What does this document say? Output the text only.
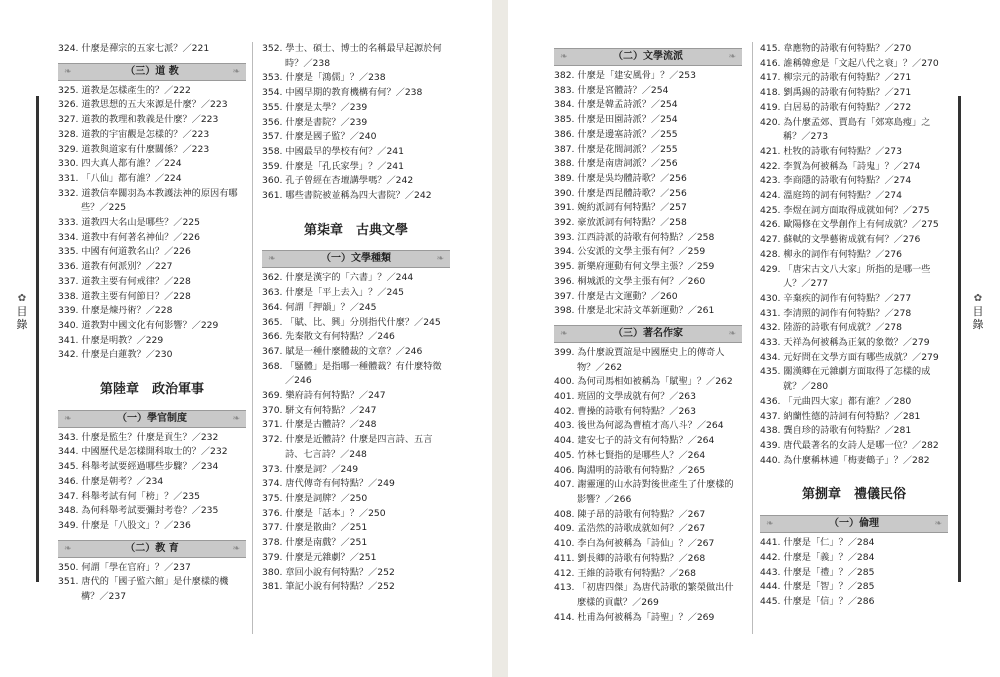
✿
目錄
324. 什麼是禪宗的五家七派？／221
❧	（三）道 教	❧
325. 道教是怎樣產生的？／222
326. 道教思想的五大來源是什麼？／223
327. 道教的教理和教義是什麼？／223
328. 道教的宇宙觀是怎樣的？／223
329. 道教與道家有什麼關係？／223
330. 四大真人都有誰？／224
331. 「八仙」都有誰？／224
332. 道教信奉關羽為本教護法神的原因有哪些？／225
333. 道教四大名山是哪些？／225
334. 道教中有何著名神仙？／226
335. 中國有何道教名山？／226
336. 道教有何派別？／227
337. 道教主要有何戒律？／228
338. 道教主要有何節日？／228
339. 什麼是煉丹術？／228
340. 道教對中國文化有何影響？／229
341. 什麼是明教？／229
342. 什麼是白蓮教？／230
第陸章　政治軍事
❧	（一）學官制度	❧
343. 什麼是監生？什麼是貢生？／232
344. 中國歷代是怎樣開科取士的？／232
345. 科舉考試要經過哪些步驟？／234
346. 什麼是朝考？／234
347. 科舉考試有何「榜」？／235
348. 為何科舉考試要彌封考卷？／235
349. 什麼是「八股文」？／236
❧	（二）教 育	❧
350. 何謂「學在官府」？／237
351. 唐代的「國子監六館」是什麼樣的機構？／237
352. 學士、碩士、博士的名稱最早起源於何時？／238
353. 什麼是「鴻儒」？／238
354. 中國早期的教育機構有何？／238
355. 什麼是太學？／239
356. 什麼是書院？／239
357. 什麼是國子監？／240
358. 中國最早的學校有何？／241
359. 什麼是「孔氏家學」？／241
360. 孔子曾經在杏壇講學嗎？／242
361. 哪些書院被並稱為四大書院？／242
第柒章　古典文學
❧	（一）文學種類	❧
362. 什麼是漢字的「六書」？／244
363. 什麼是「平上去入」？／245
364. 何謂「押韻」？／245
365. 「賦、比、興」分別指代什麼？／245
366. 先秦散文有何特點？／246
367. 賦是一種什麼體裁的文章？／246
368. 「騷體」是指哪一種體裁？有什麼特徵／246
369. 樂府詩有何特點？／247
370. 駢文有何特點？／247
371. 什麼是古體詩？／248
372. 什麼是近體詩？什麼是四言詩、五言詩、七言詩？／248
373. 什麼是詞？／249
374. 唐代傳奇有何特點？／249
375. 什麼是詞牌？／250
376. 什麼是「話本」？／250
377. 什麼是散曲？／251
378. 什麼是南戲？／251
379. 什麼是元雜劇？／251
380. 章回小說有何特點？／252
381. 筆記小說有何特點？／252
❧	（二）文學流派	❧
382. 什麼是「建安風骨」？／253
383. 什麼是宮體詩？／254
384. 什麼是韓孟詩派？／254
385. 什麼是田園詩派？／254
386. 什麼是邊塞詩派？／255
387. 什麼是花間詞派？／255
388. 什麼是南唐詞派？／256
389. 什麼是吳均體詩歌？／256
390. 什麼是西昆體詩歌？／256
391. 婉約派詞有何特點？／257
392. 豪放派詞有何特點？／258
393. 江西詩派的詩歌有何特點？／258
394. 公安派的文學主張有何？／259
395. 新樂府運動有何文學主張？／259
396. 桐城派的文學主張有何？／260
397. 什麼是古文運動？／260
398. 什麼是北宋詩文革新運動？／261
❧	（三）著名作家	❧
399. 為什麼說賈誼是中國歷史上的傳奇人物？／262
400. 為何司馬相如被稱為「賦聖」？／262
401. 班固的文學成就有何？／263
402. 曹操的詩歌有何特點？／263
403. 後世為何認為曹植才高八斗？／264
404. 建安七子的詩文有何特點？／264
405. 竹林七賢指的是哪些人？／264
406. 陶淵明的詩歌有何特點？／265
407. 謝靈運的山水詩對後世產生了什麼樣的影響？／266
408. 陳子昂的詩歌有何特點？／267
409. 孟浩然的詩歌成就如何？／267
410. 李白為何被稱為「詩仙」？／267
411. 劉長卿的詩歌有何特點？／268
412. 王維的詩歌有何特點？／268
413. 「初唐四傑」為唐代詩歌的繁榮做出什麼樣的貢獻？／269
414. 杜甫為何被稱為「詩聖」？／269
415. 韋應物的詩歌有何特點？／270
416. 誰稱韓愈是「文起八代之衰」？／270
417. 柳宗元的詩歌有何特點？／271
418. 劉禹錫的詩歌有何特點？／271
419. 白居易的詩歌有何特點？／272
420. 為什麼孟郊、賈島有「郊寒島瘦」之稱？／273
421. 杜牧的詩歌有何特點？／273
422. 李賀為何被稱為「詩鬼」？／274
423. 李商隱的詩歌有何特點？／274
424. 溫庭筠的詞有何特點？／274
425. 李煜在詞方面取得成就如何？／275
426. 歐陽修在文學創作上有何成就？／275
427. 蘇軾的文學藝術成就有何？／276
428. 柳永的詞作有何特點？／276
429. 「唐宋古文八大家」所指的是哪一些人？／277
430. 辛棄疾的詞作有何特點？／277
431. 李清照的詞作有何特點？／278
432. 陸游的詩歌有何成就？／278
433. 天祥為何被稱為正氣的象徵？／279
434. 元好問在文學方面有哪些成就？／279
435. 關漢卿在元雜劇方面取得了怎樣的成就？／280
436. 「元曲四大家」都有誰？／280
437. 納蘭性德的詩詞有何特點？／281
438. 龔自珍的詩歌有何特點？／281
439. 唐代最著名的女詩人是哪一位？／282
440. 為什麼稱林逋「梅妻鶴子」？／282
第捌章　禮儀民俗
❧	（一）倫理	❧
441. 什麼是「仁」？／284
442. 什麼是「義」？／284
443. 什麼是「禮」？／285
444. 什麼是「智」？／285
445. 什麼是「信」？／286
✿
目錄
